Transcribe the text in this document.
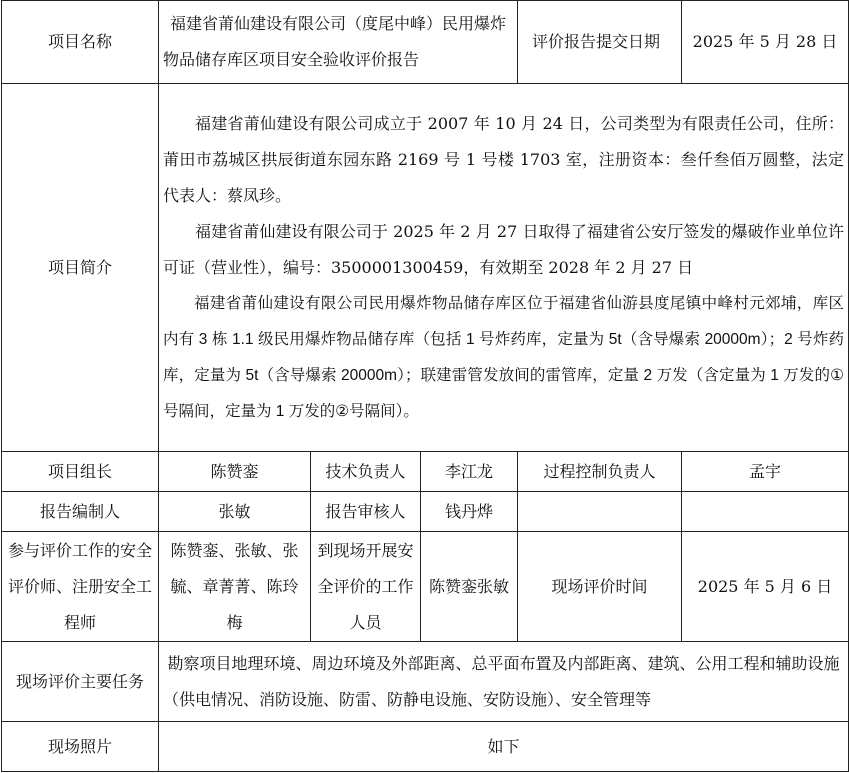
项目名称	福建省莆仙建设有限公司（度尾中峰）民用爆炸物品储存库区项目安全验收评价报告			评价报告提交日期	2025 年 5 月 28 日
项目简介	福建省莆仙建设有限公司成立于 2007 年 10 月 24 日，公司类型为有限责任公司，住所：莆田市荔城区拱辰街道东园东路 2169 号 1 号楼 1703 室，注册资本：叁仟叁佰万圆整，法定代表人：蔡凤珍。

福建省莆仙建设有限公司于 2025 年 2 月 27 日取得了福建省公安厅签发的爆破作业单位许可证（营业性），编号：3500001300459，有效期至 2028 年 2 月 27 日

福建省莆仙建设有限公司民用爆炸物品储存库区位于福建省仙游县度尾镇中峰村元郊埔，库区内有 3 栋 1.1 级民用爆炸物品储存库（包括 1 号炸药库，定量为 5t（含导爆索 20000m）；2 号炸药库，定量为 5t（含导爆索 20000m）；联建雷管发放间的雷管库，定量 2 万发（含定量为 1 万发的①号隔间，定量为 1 万发的②号隔间）。				

项目组长	陈赞銮	技术负责人	李江龙	过程控制负责人	孟宇
报告编制人	张敏	报告审核人	钱丹烨		
参与评价工作的安全评价师、注册安全工程师	陈赞銮、张敏、张毓、章菁菁、陈玲梅	到现场开展安全评价的工作人员	陈赞銮张敏	现场评价时间	2025 年 5 月 6 日
现场评价主要任务	勘察项目地理环境、周边环境及外部距离、总平面布置及内部距离、建筑、公用工程和辅助设施（供电情况、消防设施、防雷、防静电设施、安防设施）、安全管理等				
现场照片	如下				
